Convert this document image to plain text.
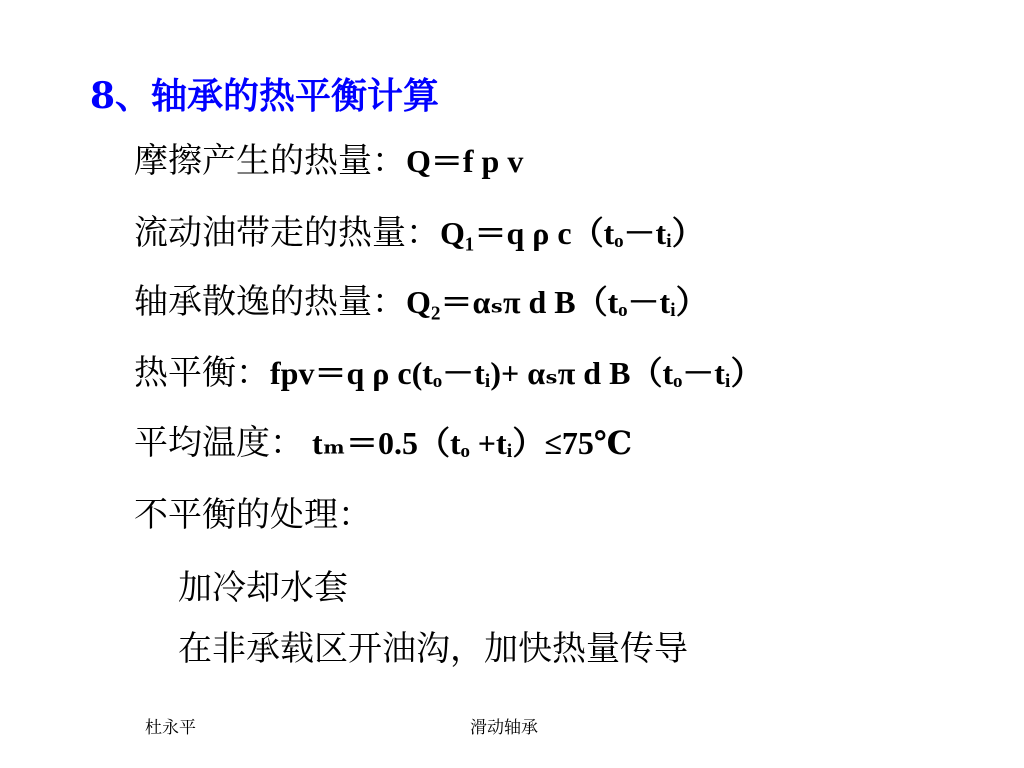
8、轴承的热平衡计算
摩擦产生的热量：Q＝f p v
流动油带走的热量：Q₁＝q ρ c（tₒ－tᵢ）
轴承散逸的热量：Q₂＝αₛπ d B（tₒ－tᵢ）
热平衡：fpv＝q ρ c(tₒ－tᵢ)+ αₛπ d B（tₒ－tᵢ）
平均温度： tₘ＝0.5（tₒ +tᵢ）≤75℃
不平衡的处理：
加冷却水套
在非承载区开油沟，加快热量传导
杜永平	滑动轴承
